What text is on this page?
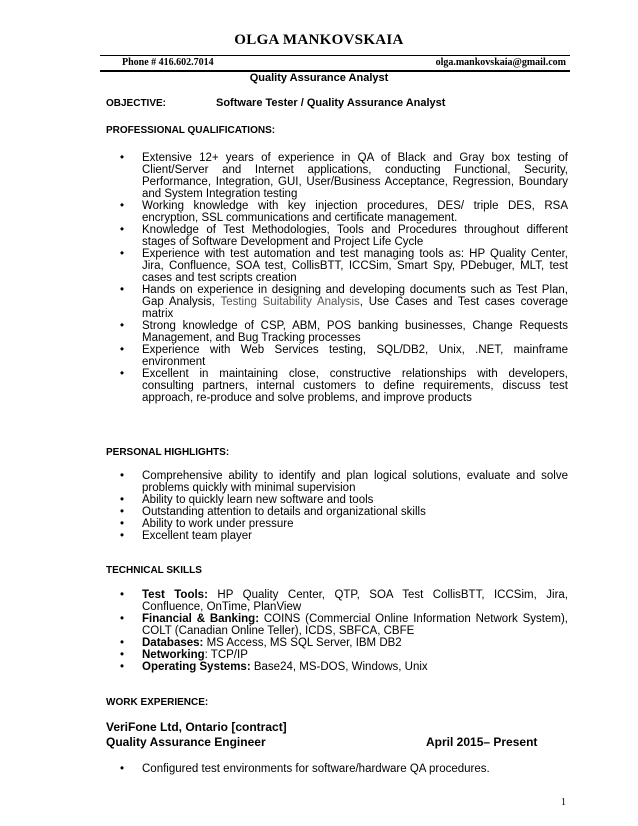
OLGA MANKOVSKAIA
Phone # 416.602.7014	olga.mankovskaia@gmail.com
Quality Assurance Analyst
OBJECTIVE:	Software Tester / Quality Assurance Analyst
PROFESSIONAL QUALIFICATIONS:
• Extensive 12+ years of experience in QA of Black and Gray box testing of Client/Server and Internet applications, conducting Functional, Security, Performance, Integration, GUI, User/Business Acceptance, Regression, Boundary and System Integration testing
• Working knowledge with key injection procedures, DES/ triple DES, RSA encryption, SSL communications and certificate management.
• Knowledge of Test Methodologies, Tools and Procedures throughout different stages of Software Development and Project Life Cycle
• Experience with test automation and test managing tools as: HP Quality Center, Jira, Confluence, SOA test, CollisBTT, ICCSim, Smart Spy, PDebuger, MLT, test cases and test scripts creation
• Hands on experience in designing and developing documents such as Test Plan, Gap Analysis, Testing Suitability Analysis, Use Cases and Test cases coverage matrix
• Strong knowledge of CSP, ABM, POS banking businesses, Change Requests Management, and Bug Tracking processes
• Experience with Web Services testing, SQL/DB2, Unix, .NET, mainframe environment
• Excellent in maintaining close, constructive relationships with developers, consulting partners, internal customers to define requirements, discuss test approach, re-produce and solve problems, and improve products
PERSONAL HIGHLIGHTS:
• Comprehensive ability to identify and plan logical solutions, evaluate and solve problems quickly with minimal supervision
• Ability to quickly learn new software and tools
• Outstanding attention to details and organizational skills
• Ability to work under pressure
• Excellent team player
TECHNICAL SKILLS
• Test Tools: HP Quality Center, QTP, SOA Test CollisBTT, ICCSim, Jira, Confluence, OnTime, PlanView
• Financial & Banking: COINS (Commercial Online Information Network System), COLT (Canadian Online Teller), ICDS, SBFCA, CBFE
• Databases: MS Access, MS SQL Server, IBM DB2
• Networking: TCP/IP
• Operating Systems: Base24, MS-DOS, Windows, Unix
WORK EXPERIENCE:
VeriFone Ltd, Ontario [contract]
Quality Assurance Engineer	April 2015– Present
• Configured test environments for software/hardware QA procedures.
1
